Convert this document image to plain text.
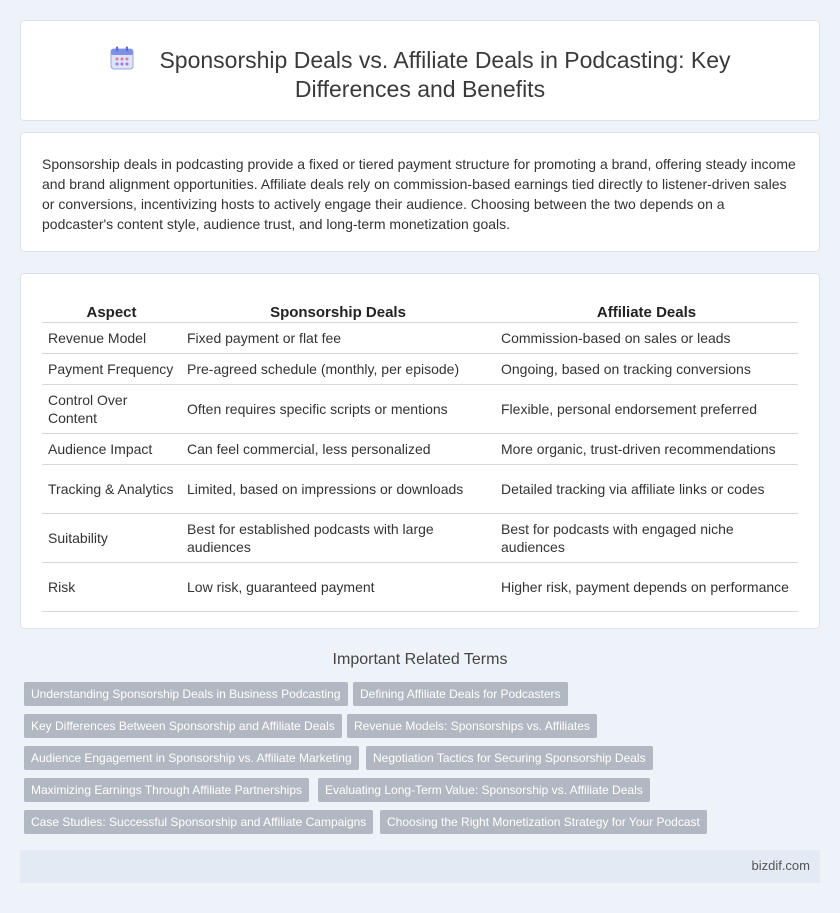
Sponsorship Deals vs. Affiliate Deals in Podcasting: Key Differences and Benefits

Sponsorship deals in podcasting provide a fixed or tiered payment structure for promoting a brand, offering steady income and brand alignment opportunities. Affiliate deals rely on commission-based earnings tied directly to listener-driven sales or conversions, incentivizing hosts to actively engage their audience. Choosing between the two depends on a podcaster's content style, audience trust, and long-term monetization goals.

Aspect	Sponsorship Deals	Affiliate Deals
Revenue Model	Fixed payment or flat fee	Commission-based on sales or leads
Payment Frequency	Pre-agreed schedule (monthly, per episode)	Ongoing, based on tracking conversions
Control Over Content	Often requires specific scripts or mentions	Flexible, personal endorsement preferred
Audience Impact	Can feel commercial, less personalized	More organic, trust-driven recommendations
Tracking & Analytics	Limited, based on impressions or downloads	Detailed tracking via affiliate links or codes
Suitability	Best for established podcasts with large audiences	Best for podcasts with engaged niche audiences
Risk	Low risk, guaranteed payment	Higher risk, payment depends on performance
Important Related Terms
Understanding Sponsorship Deals in Business Podcasting	Defining Affiliate Deals for Podcasters
Key Differences Between Sponsorship and Affiliate Deals	Revenue Models: Sponsorships vs. Affiliates
Audience Engagement in Sponsorship vs. Affiliate Marketing	Negotiation Tactics for Securing Sponsorship Deals
Maximizing Earnings Through Affiliate Partnerships	Evaluating Long-Term Value: Sponsorship vs. Affiliate Deals
Case Studies: Successful Sponsorship and Affiliate Campaigns	Choosing the Right Monetization Strategy for Your Podcast
bizdif.com
